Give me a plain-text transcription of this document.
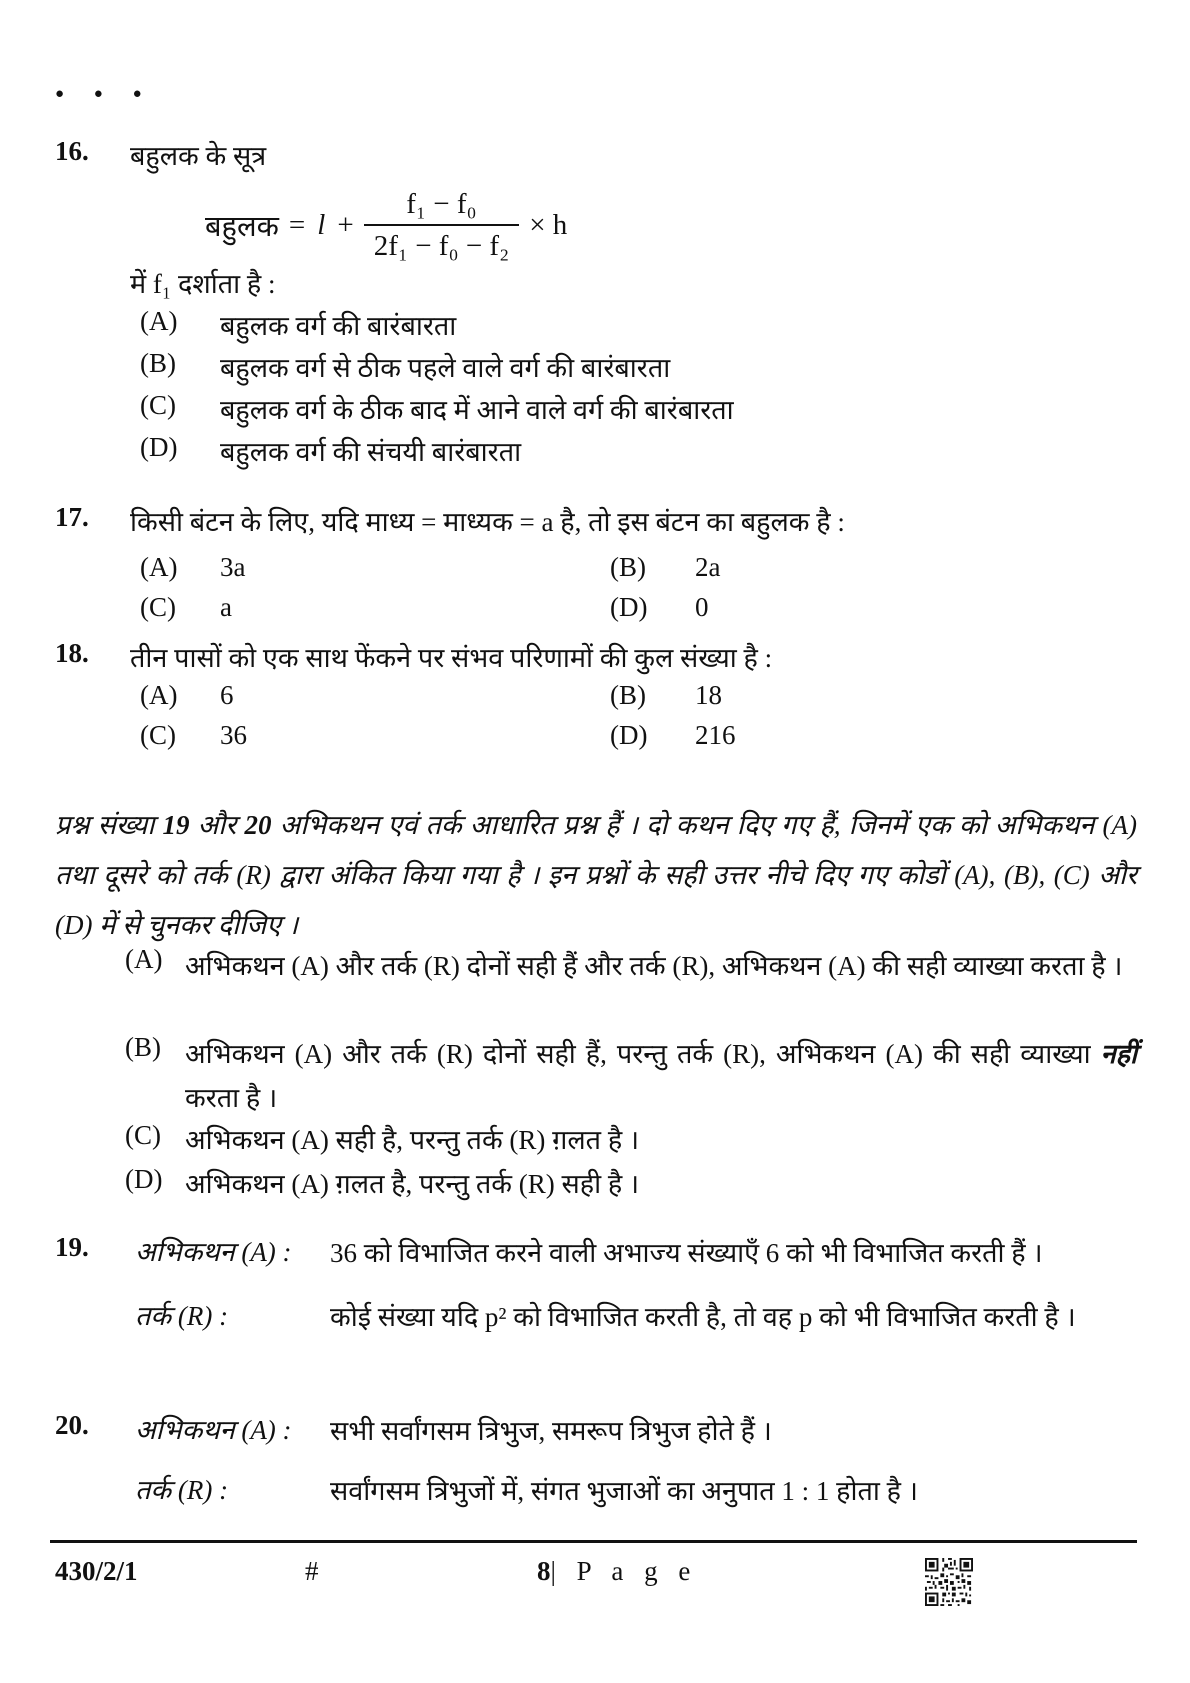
● ● ●
16. बहुलक के सूत्र
बहुलक = $l + \frac{\text{f₁ − f₀}}{\text{2f₁ − f₀ − f₂}} \times h$
में f₁ दर्शाता है :
(A) बहुलक वर्ग की बारंबारता
(B) बहुलक वर्ग से ठीक पहले वाले वर्ग की बारंबारता
(C) बहुलक वर्ग के ठीक बाद में आने वाले वर्ग की बारंबारता
(D) बहुलक वर्ग की संचयी बारंबारता
17. किसी बंटन के लिए, यदि माध्य = माध्यक = a है, तो इस बंटन का बहुलक है :
(A) 3a	(B) 2a
(C) a	(D) 0
18. तीन पासों को एक साथ फेंकने पर संभव परिणामों की कुल संख्या है :
(A) 6	(B) 18
(C) 36	(D) 216
प्रश्न संख्या 19 और 20 अभिकथन एवं तर्क आधारित प्रश्न हैं । दो कथन दिए गए हैं, जिनमें एक को अभिकथन (A) तथा दूसरे को तर्क (R) द्वारा अंकित किया गया है । इन प्रश्नों के सही उत्तर नीचे दिए गए कोडों (A), (B), (C) और (D) में से चुनकर दीजिए ।
(A) अभिकथन (A) और तर्क (R) दोनों सही हैं और तर्क (R), अभिकथन (A) की सही व्याख्या करता है ।
(B) अभिकथन (A) और तर्क (R) दोनों सही हैं, परन्तु तर्क (R), अभिकथन (A) की सही व्याख्या नहीं करता है ।
(C) अभिकथन (A) सही है, परन्तु तर्क (R) ग़लत है ।
(D) अभिकथन (A) ग़लत है, परन्तु तर्क (R) सही है ।
19. अभिकथन (A) : 36 को विभाजित करने वाली अभाज्य संख्याएँ 6 को भी विभाजित करती हैं ।
तर्क (R) :	कोई संख्या यदि p² को विभाजित करती है, तो वह p को भी विभाजित करती है ।
20. अभिकथन (A) : सभी सर्वांगसम त्रिभुज, समरूप त्रिभुज होते हैं ।
तर्क (R) :	सर्वांगसम त्रिभुजों में, संगत भुजाओं का अनुपात 1 : 1 होता है ।
430/2/1	#	8| P a g e
